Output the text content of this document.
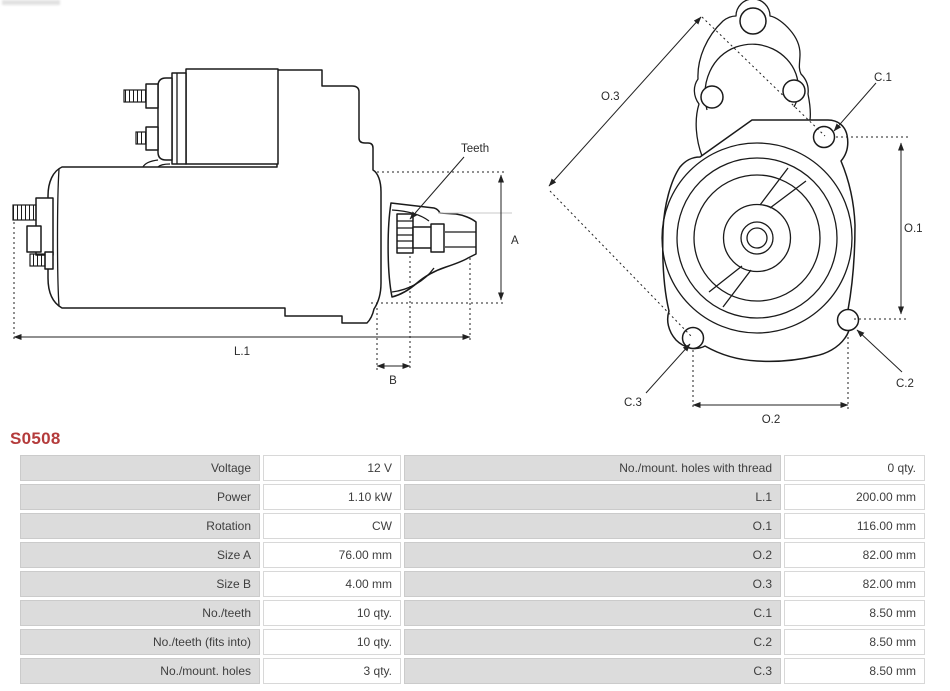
A
Teeth
L.1
B
O.3
C.1
O.1
O.2
C.2
C.3
S0508
Voltage	12 V
Power	1.10 kW
Rotation	CW
Size A	76.00 mm
Size B	4.00 mm
No./teeth	10 qty.
No./teeth (fits into)	10 qty.
No./mount. holes	3 qty.
No./mount. holes with thread	0 qty.
L.1	200.00 mm
O.1	116.00 mm
O.2	82.00 mm
O.3	82.00 mm
C.1	8.50 mm
C.2	8.50 mm
C.3	8.50 mm
